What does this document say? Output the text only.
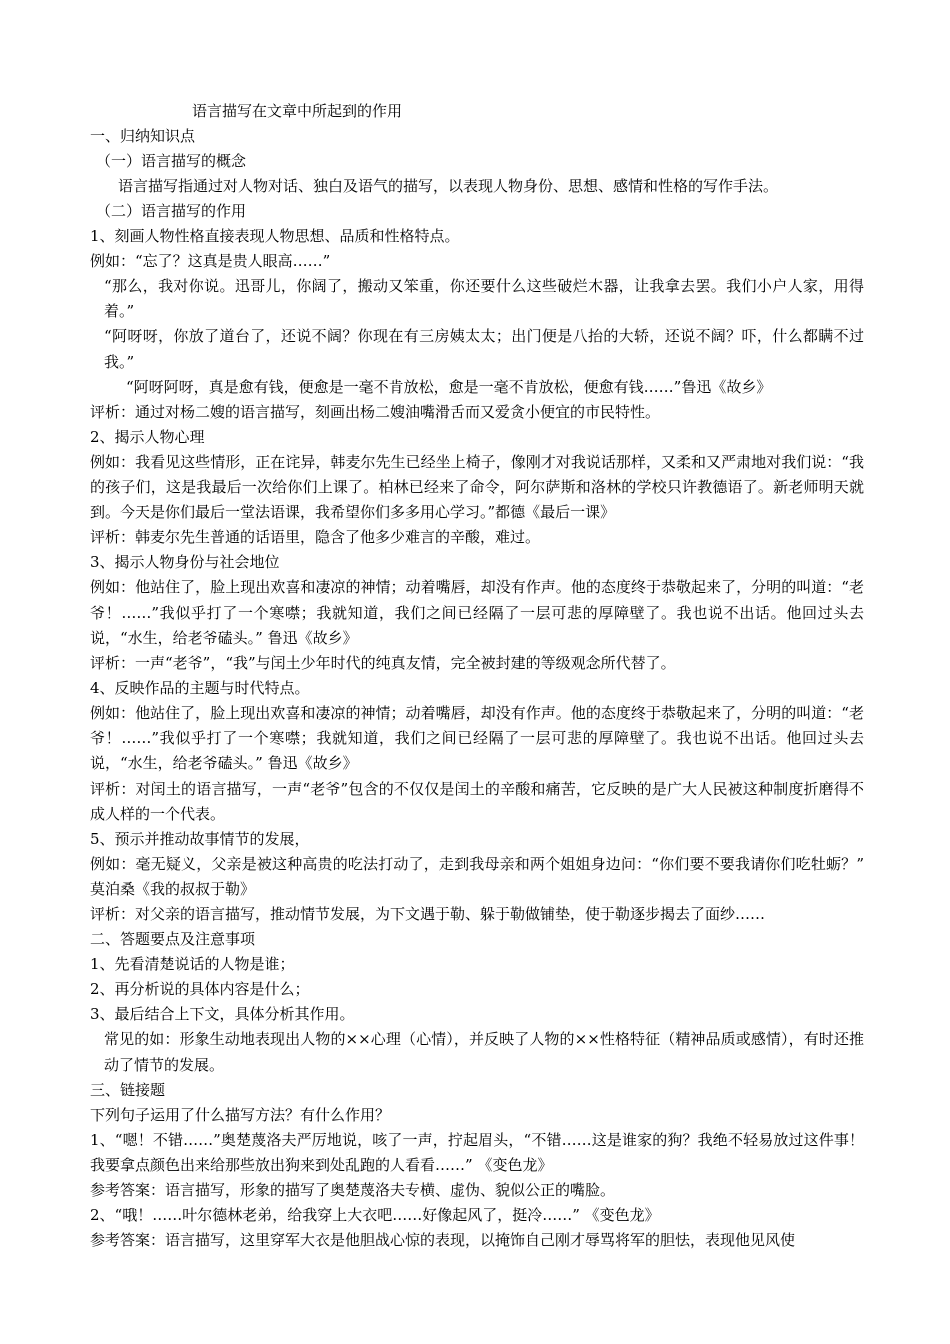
语言描写在文章中所起到的作用
一、归纳知识点
（一）语言描写的概念
语言描写指通过对人物对话、独白及语气的描写，以表现人物身份、思想、感情和性格的写作手法。
（二）语言描写的作用
1、刻画人物性格直接表现人物思想、品质和性格特点。
例如：“忘了？这真是贵人眼高……”
“那么，我对你说。迅哥儿，你阔了，搬动又笨重，你还要什么这些破烂木器，让我拿去罢。我们小户人家，用得着。”
“阿呀呀，你放了道台了，还说不阔？你现在有三房姨太太；出门便是八抬的大轿，还说不阔？吓，什么都瞒不过我。”
“阿呀阿呀，真是愈有钱，便愈是一毫不肯放松，愈是一毫不肯放松，便愈有钱……”鲁迅《故乡》
评析：通过对杨二嫂的语言描写，刻画出杨二嫂油嘴滑舌而又爱贪小便宜的市民特性。
2、揭示人物心理
例如：我看见这些情形，正在诧异，韩麦尔先生已经坐上椅子，像刚才对我说话那样，又柔和又严肃地对我们说：“我的孩子们，这是我最后一次给你们上课了。柏林已经来了命令，阿尔萨斯和洛林的学校只许教德语了。新老师明天就到。今天是你们最后一堂法语课，我希望你们多多用心学习。”都德《最后一课》
评析：韩麦尔先生普通的话语里，隐含了他多少难言的辛酸，难过。
3、揭示人物身份与社会地位
例如：他站住了，脸上现出欢喜和凄凉的神情；动着嘴唇，却没有作声。他的态度终于恭敬起来了，分明的叫道：“老爷！……”我似乎打了一个寒噤；我就知道，我们之间已经隔了一层可悲的厚障壁了。我也说不出话。他回过头去说，“水生，给老爷磕头。” 鲁迅《故乡》
评析：一声“老爷”，“我”与闰土少年时代的纯真友情，完全被封建的等级观念所代替了。
4、反映作品的主题与时代特点。
例如：他站住了，脸上现出欢喜和凄凉的神情；动着嘴唇，却没有作声。他的态度终于恭敬起来了，分明的叫道：“老爷！……”我似乎打了一个寒噤；我就知道，我们之间已经隔了一层可悲的厚障壁了。我也说不出话。他回过头去说，“水生，给老爷磕头。” 鲁迅《故乡》
评析：对闰土的语言描写，一声“老爷”包含的不仅仅是闰土的辛酸和痛苦，它反映的是广大人民被这种制度折磨得不成人样的一个代表。
5、预示并推动故事情节的发展，
例如：毫无疑义，父亲是被这种高贵的吃法打动了，走到我母亲和两个姐姐身边问：“你们要不要我请你们吃牡蛎？” 莫泊桑《我的叔叔于勒》
评析：对父亲的语言描写，推动情节发展，为下文遇于勒、躲于勒做铺垫，使于勒逐步揭去了面纱……
二、答题要点及注意事项
1、先看清楚说话的人物是谁；
2、再分析说的具体内容是什么；
3、最后结合上下文，具体分析其作用。
常见的如：形象生动地表现出人物的××心理（心情），并反映了人物的××性格特征（精神品质或感情），有时还推动了情节的发展。
三、链接题
下列句子运用了什么描写方法？有什么作用？
1、“嗯！不错……”奥楚蔑洛夫严厉地说，咳了一声，拧起眉头，“不错……这是谁家的狗？我绝不轻易放过这件事！我要拿点颜色出来给那些放出狗来到处乱跑的人看看……” 《变色龙》
参考答案：语言描写，形象的描写了奥楚蔑洛夫专横、虚伪、貌似公正的嘴脸。
2、“哦！……叶尔德林老弟，给我穿上大衣吧……好像起风了，挺冷……” 《变色龙》
参考答案：语言描写，这里穿军大衣是他胆战心惊的表现，以掩饰自己刚才辱骂将军的胆怯，表现他见风使
